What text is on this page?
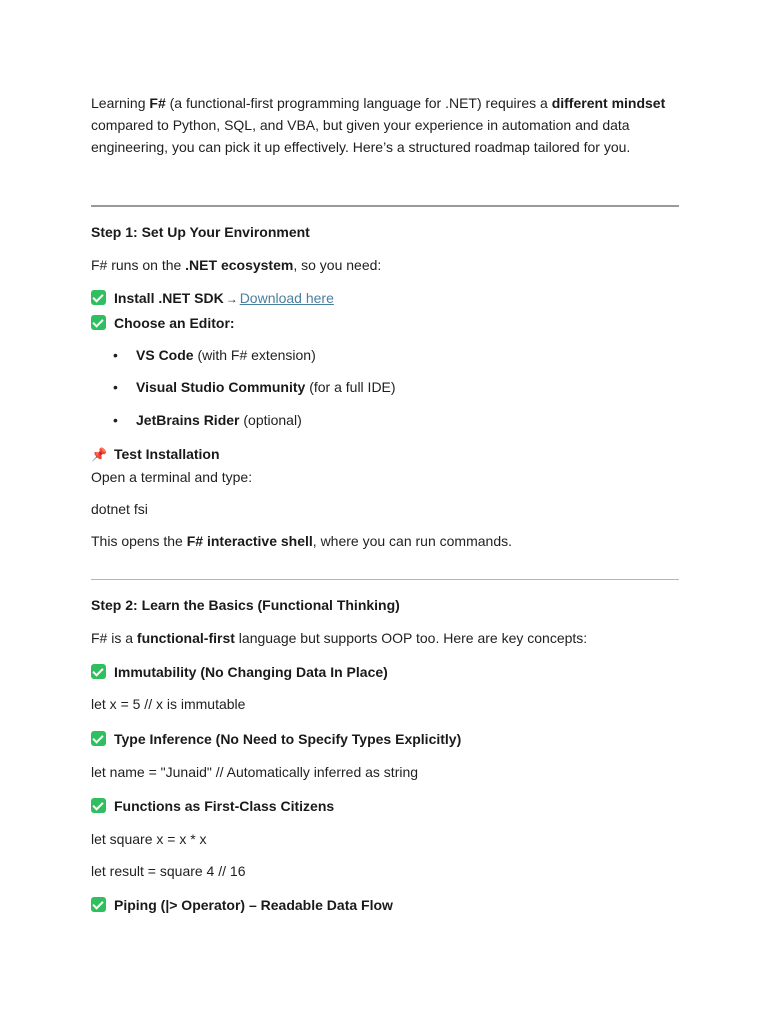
Learning F# (a functional-first programming language for .NET) requires a different mindset compared to Python, SQL, and VBA, but given your experience in automation and data engineering, you can pick it up effectively. Here’s a structured roadmap tailored for you.

Step 1: Set Up Your Environment

F# runs on the .NET ecosystem, so you need:

Install .NET SDK → Download here

Choose an Editor:

• VS Code (with F# extension)

• Visual Studio Community (for a full IDE)

• JetBrains Rider (optional)

📌 Test Installation

Open a terminal and type:

dotnet fsi

This opens the F# interactive shell, where you can run commands.

Step 2: Learn the Basics (Functional Thinking)

F# is a functional-first language but supports OOP too. Here are key concepts:

Immutability (No Changing Data In Place)

let x = 5 // x is immutable

Type Inference (No Need to Specify Types Explicitly)

let name = "Junaid" // Automatically inferred as string

Functions as First-Class Citizens

let square x = x * x

let result = square 4 // 16

Piping (|> Operator) – Readable Data Flow
